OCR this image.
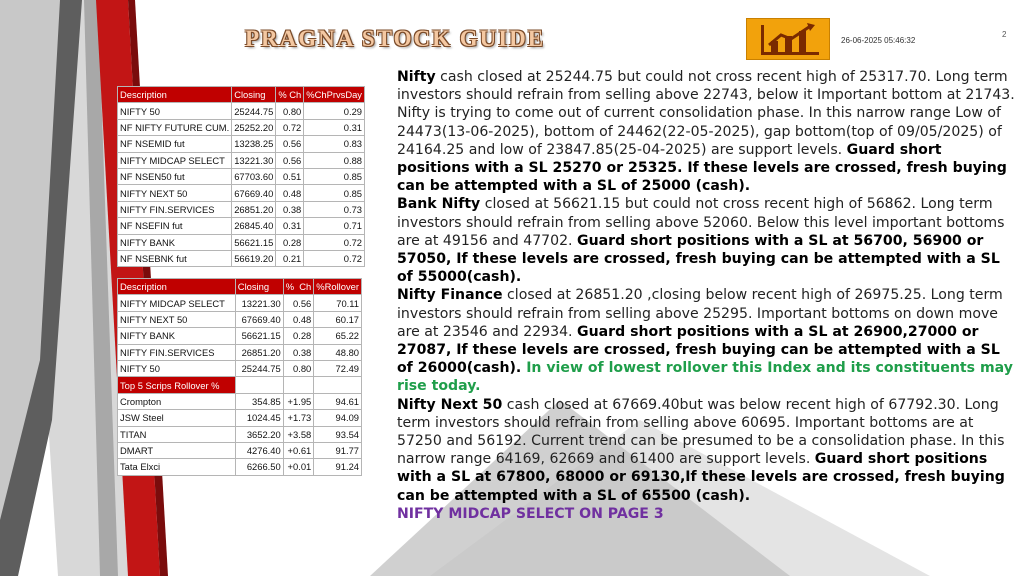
PRAGNA STOCK GUIDE	26-06-2025 05:46:32
2
Description	Closing	% Ch	%ChPrvsDay
NIFTY 50	25244.75	0.80	0.29
NF NIFTY FUTURE CUM.	25252.20	0.72	0.31
NF NSEMID fut	13238.25	0.56	0.83
NIFTY MIDCAP SELECT	13221.30	0.56	0.88
NF NSEN50 fut	67703.60	0.51	0.85
NIFTY NEXT 50	67669.40	0.48	0.85
NIFTY FIN.SERVICES	26851.20	0.38	0.73
NF NSEFIN fut	26845.40	0.31	0.71
NIFTY BANK	56621.15	0.28	0.72
NF NSEBNK fut	56619.20	0.21	0.72
Description	Closing	% Ch	%Rollover
NIFTY MIDCAP SELECT	13221.30	0.56	70.11
NIFTY NEXT 50	67669.40	0.48	60.17
NIFTY BANK	56621.15	0.28	65.22
NIFTY FIN.SERVICES	26851.20	0.38	48.80
NIFTY 50	25244.75	0.80	72.49
Top 5 Scrips Rollover %			
Crompton	354.85	+1.95	94.61
JSW Steel	1024.45	+1.73	94.09
TITAN	3652.20	+3.58	93.54
DMART	4276.40	+0.61	91.77
Tata Elxci	6266.50	+0.01	91.24

Nifty cash closed at 25244.75 but could not cross recent high of 25317.70. Long term investors should refrain from selling above 22743, below it Important bottom at 21743. Nifty is trying to come out of current consolidation phase. In this narrow range Low of 24473(13-06-2025), bottom of 24462(22-05-2025), gap bottom(top of 09/05/2025) of 24164.25 and low of 23847.85(25-04-2025) are support levels. Guard short positions with a SL 25270 or 25325. If these levels are crossed, fresh buying can be attempted with a SL of 25000 (cash).

Bank Nifty closed at 56621.15 but could not cross recent high of 56862. Long term investors should refrain from selling above 52060. Below this level important bottoms are at 49156 and 47702. Guard short positions with a SL at 56700, 56900 or 57050, If these levels are crossed, fresh buying can be attempted with a SL of 55000(cash).

Nifty Finance closed at 26851.20 ,closing below recent high of 26975.25. Long term investors should refrain from selling above 25295. Important bottoms on down move are at 23546 and 22934. Guard short positions with a SL at 26900,27000 or 27087, If these levels are crossed, fresh buying can be attempted with a SL of 26000(cash). In view of lowest rollover this Index and its constituents may rise today.

Nifty Next 50 cash closed at 67669.40but was below recent high of 67792.30. Long term investors should refrain from selling above 60695. Important bottoms are at 57250 and 56192. Current trend can be presumed to be a consolidation phase. In this narrow range 64169, 62669 and 61400 are support levels. Guard short positions with a SL at 67800, 68000 or 69130,If these levels are crossed, fresh buying can be attempted with a SL of 65500 (cash).

NIFTY MIDCAP SELECT ON PAGE 3
